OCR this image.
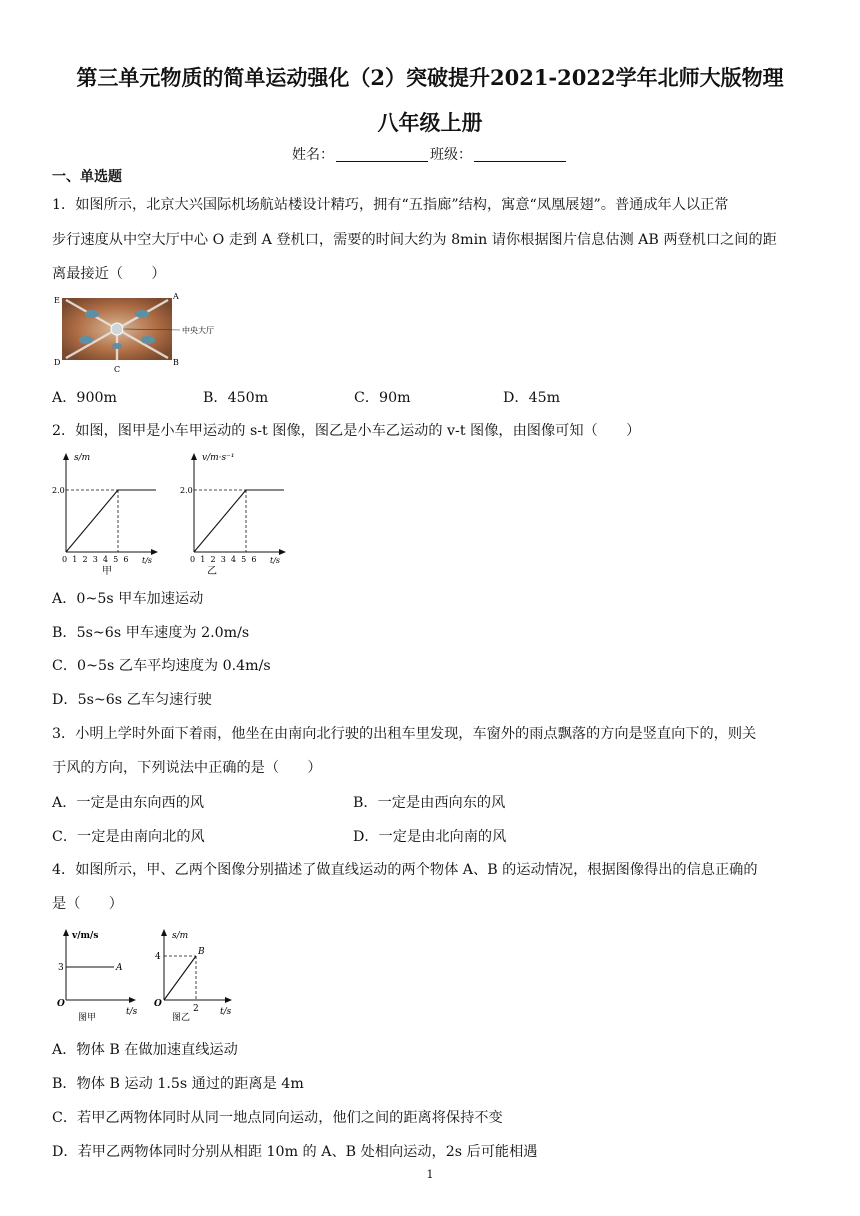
第三单元物质的简单运动强化（2）突破提升2021-2022学年北师大版物理
八年级上册
姓名：	班级：
一、单选题
1．如图所示，北京大兴国际机场航站楼设计精巧，拥有“五指廊”结构，寓意“凤凰展翅”。普通成年人以正常
步行速度从中空大厅中心 O 走到 A 登机口，需要的时间大约为 8min 请你根据图片信息估测 AB 两登机口之间的距
离最接近（　　）
E	A
D	B
C
中央大厅
A．900m	B．450m	C．90m	D．45m
2．如图，图甲是小车甲运动的 s-t 图像，图乙是小车乙运动的 v-t 图像，由图像可知（　　）
s/m
2.0
0 1 2 3 4 5 6 t/s
甲
v/m·s⁻¹
2.0
0 1 2 3 4 5 6 t/s
乙
A．0~5s 甲车加速运动
B．5s~6s 甲车速度为 2.0m/s
C．0~5s 乙车平均速度为 0.4m/s
D．5s~6s 乙车匀速行驶
3．小明上学时外面下着雨，他坐在由南向北行驶的出租车里发现，车窗外的雨点飘落的方向是竖直向下的，则关
于风的方向，下列说法中正确的是（　　）
A．一定是由东向西的风	B．一定是由西向东的风
C．一定是由南向北的风	D．一定是由北向南的风
4．如图所示，甲、乙两个图像分别描述了做直线运动的两个物体 A、B 的运动情况，根据图像得出的信息正确的
是（　　）
v/m/s
3	A
O
t/s
图甲
s/m
4	B
O	2 t/s
图乙
A．物体 B 在做加速直线运动
B．物体 B 运动 1.5s 通过的距离是 4m
C．若甲乙两物体同时从同一地点同向运动，他们之间的距离将保持不变
D．若甲乙两物体同时分别从相距 10m 的 A、B 处相向运动，2s 后可能相遇
1
